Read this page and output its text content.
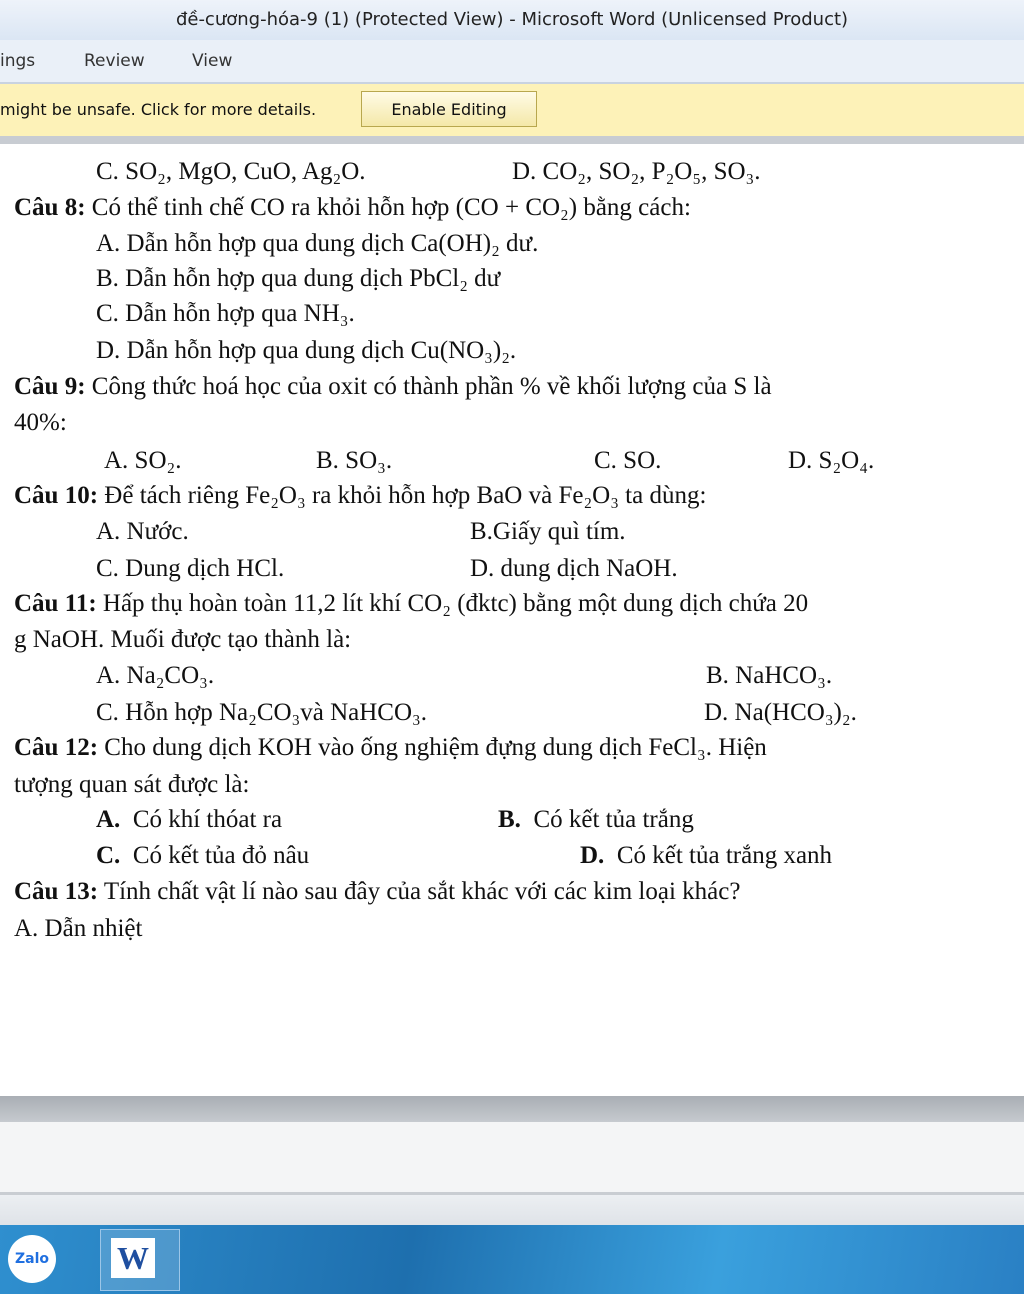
đề-cương-hóa-9 (1) (Protected View) - Microsoft Word (Unlicensed Product)
ings	Review	View
might be unsafe. Click for more details.	Enable Editing
C. SO₂, MgO, CuO, Ag₂O.	D. CO₂, SO₂, P₂O₅, SO₃.
Câu 8: Có thể tinh chế CO ra khỏi hỗn hợp (CO + CO₂) bằng cách:
A. Dẫn hỗn hợp qua dung dịch Ca(OH)₂ dư.
B. Dẫn hỗn hợp qua dung dịch PbCl₂ dư
C. Dẫn hỗn hợp qua NH₃.
D. Dẫn hỗn hợp qua dung dịch Cu(NO₃)₂.
Câu 9: Công thức hoá học của oxit có thành phần % về khối lượng của S là
40%:
A. SO₂.	B. SO₃.	C. SO.	D. S₂O₄.
Câu 10: Để tách riêng Fe₂O₃ ra khỏi hỗn hợp BaO và Fe₂O₃ ta dùng:
A. Nước.	B.Giấy quì tím.
C. Dung dịch HCl.	D. dung dịch NaOH.
Câu 11: Hấp thụ hoàn toàn 11,2 lít khí CO₂ (đktc) bằng một dung dịch chứa 20
g NaOH. Muối được tạo thành là:
A. Na₂CO₃.	B. NaHCO₃.
C. Hỗn hợp Na₂CO₃và NaHCO₃.	D. Na(HCO₃)₂.
Câu 12: Cho dung dịch KOH vào ống nghiệm đựng dung dịch FeCl₃. Hiện
tượng quan sát được là:
A. Có khí thóat ra	B. Có kết tủa trắng
C. Có kết tủa đỏ nâu	D. Có kết tủa trắng xanh
Câu 13: Tính chất vật lí nào sau đây của sắt khác với các kim loại khác?
A. Dẫn nhiệt
Zalo W
